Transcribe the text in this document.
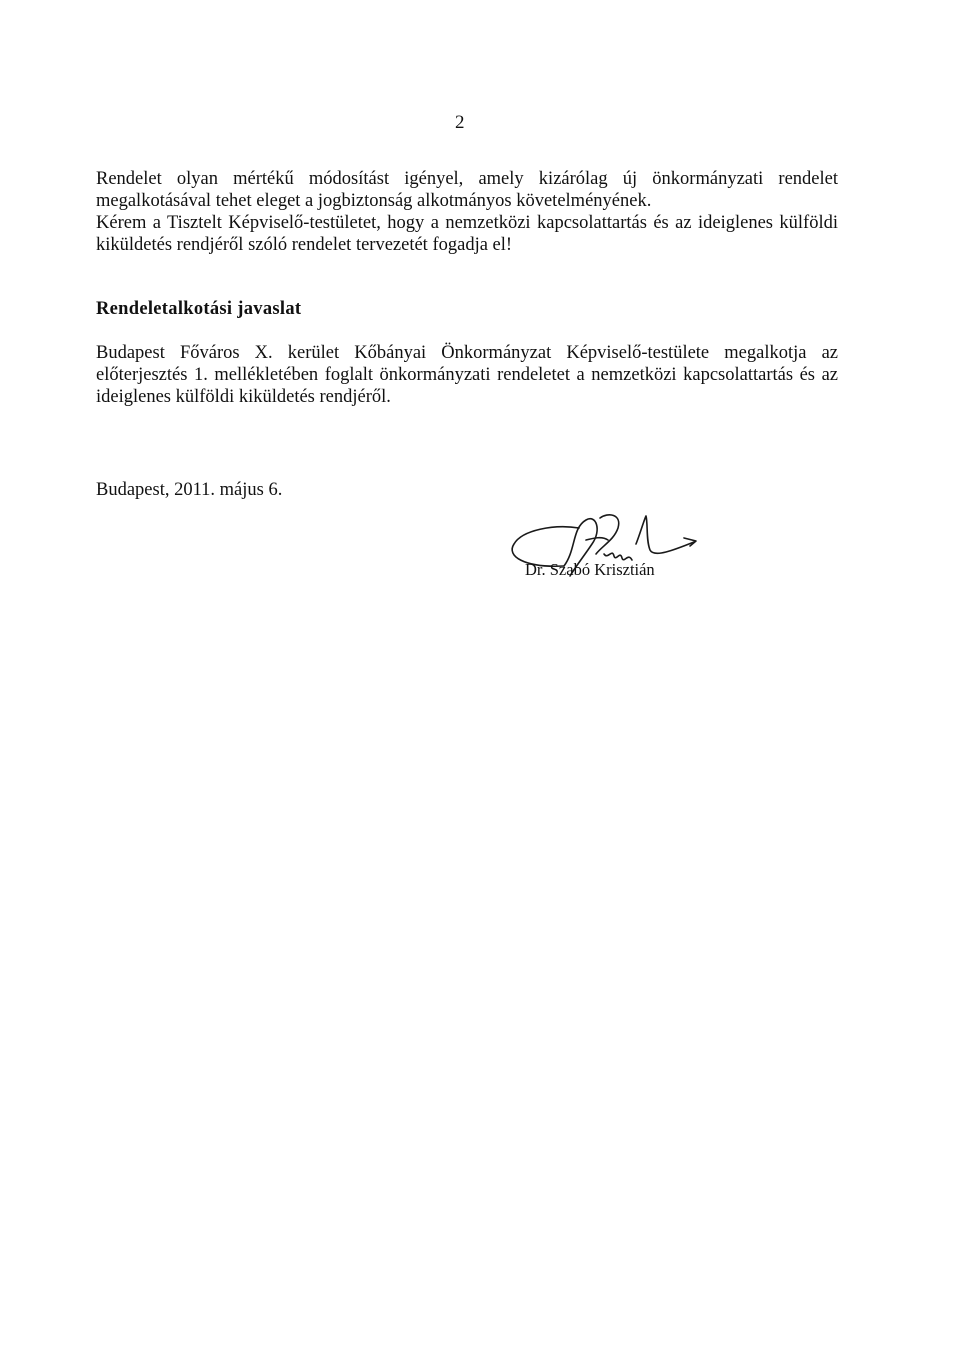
2
Rendelet olyan mértékű módosítást igényel, amely kizárólag új önkormányzati rendelet
megalkotásával tehet eleget a jogbiztonság alkotmányos követelményének.
Kérem a Tisztelt Képviselő-testületet, hogy a nemzetközi kapcsolattartás és az ideiglenes külföldi
kiküldetés rendjéről szóló rendelet tervezetét fogadja el!
Rendeletalkotási javaslat
Budapest Főváros X. kerület Kőbányai Önkormányzat Képviselő-testülete megalkotja az
előterjesztés 1. mellékletében foglalt önkormányzati rendeletet a nemzetközi kapcsolattartás és az
ideiglenes külföldi kiküldetés rendjéről.
Budapest, 2011. május 6.
Dr. Szabó Krisztián
